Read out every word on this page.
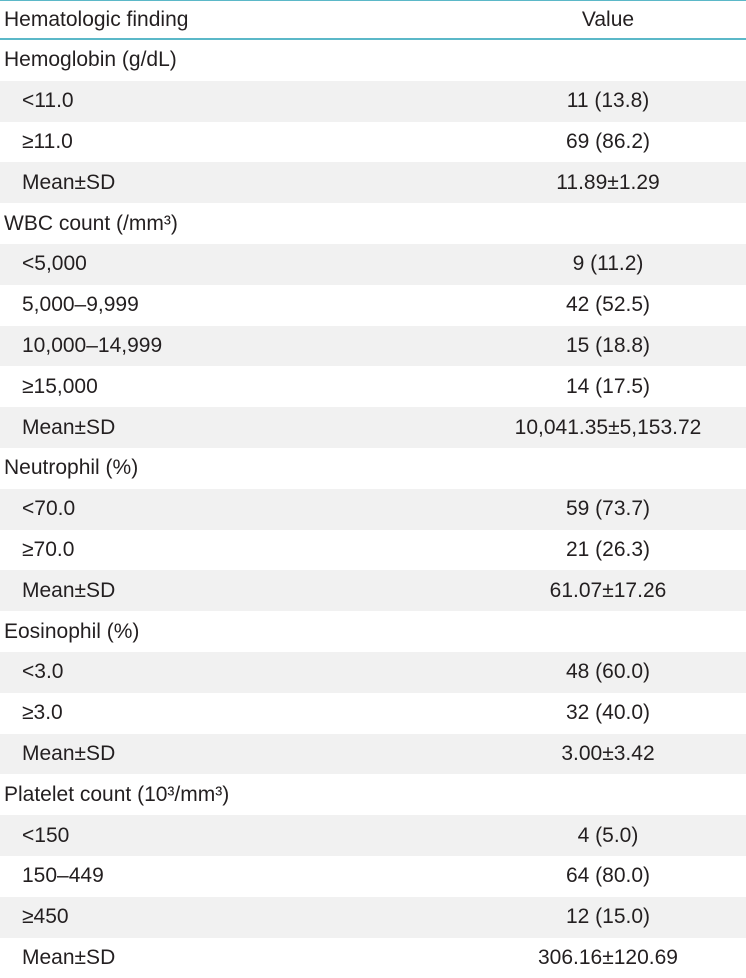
Hematologic finding	Value
Hemoglobin (g/dL)
<11.0	11 (13.8)
≥11.0	69 (86.2)
Mean±SD	11.89±1.29
WBC count (/mm³)
<5,000	9 (11.2)
5,000–9,999	42 (52.5)
10,000–14,999	15 (18.8)
≥15,000	14 (17.5)
Mean±SD	10,041.35±5,153.72
Neutrophil (%)
<70.0	59 (73.7)
≥70.0	21 (26.3)
Mean±SD	61.07±17.26
Eosinophil (%)
<3.0	48 (60.0)
≥3.0	32 (40.0)
Mean±SD	3.00±3.42
Platelet count (10³/mm³)
<150	4 (5.0)
150–449	64 (80.0)
≥450	12 (15.0)
Mean±SD	306.16±120.69
